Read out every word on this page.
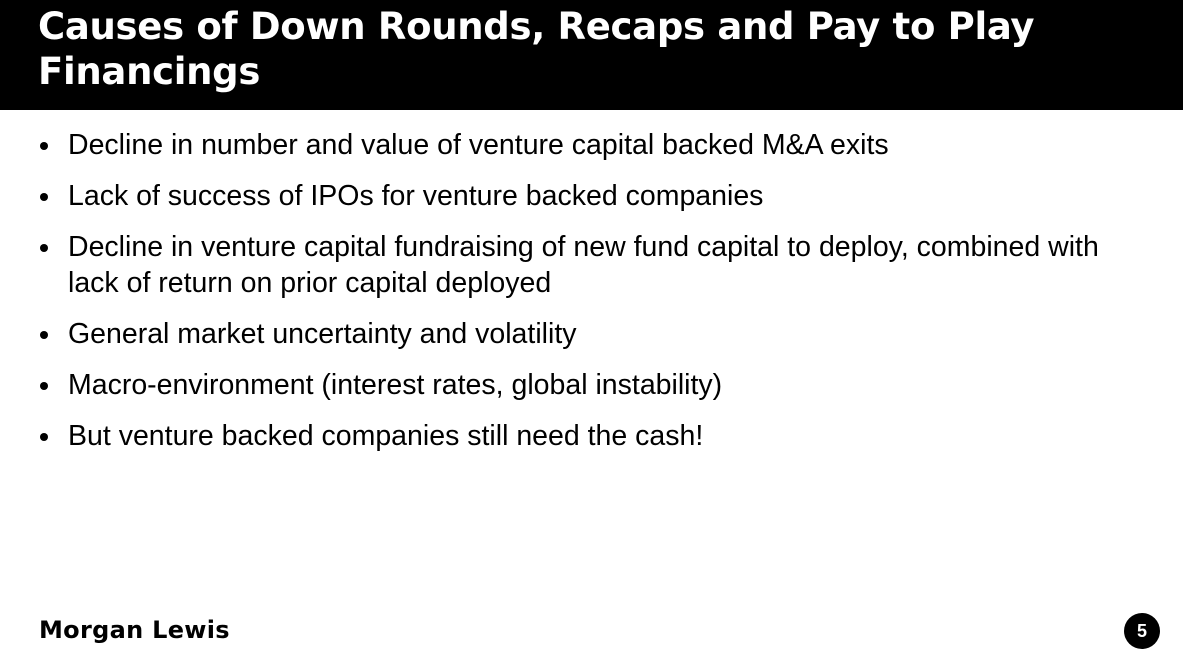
Causes of Down Rounds, Recaps and Pay to Play Financings
Decline in number and value of venture capital backed M&A exits
Lack of success of IPOs for venture backed companies
Decline in venture capital fundraising of new fund capital to deploy, combined with lack of return on prior capital deployed
General market uncertainty and volatility
Macro-environment (interest rates, global instability)
But venture backed companies still need the cash!
Morgan Lewis	5
